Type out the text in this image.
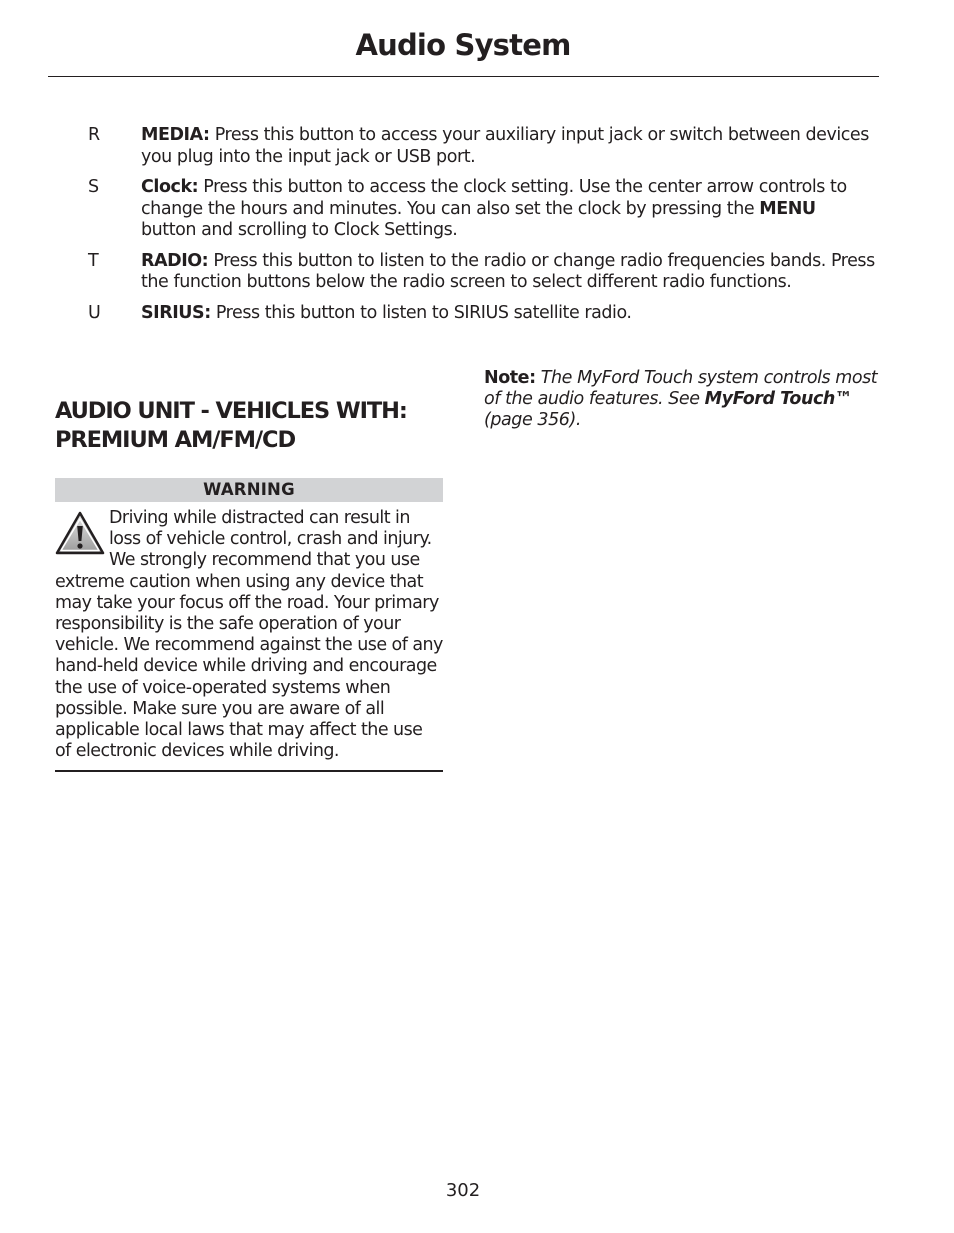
Audio System
R	MEDIA: Press this button to access your auxiliary input jack or switch between devices you plug into the input jack or USB port.
S	Clock: Press this button to access the clock setting. Use the center arrow controls to change the hours and minutes. You can also set the clock by pressing the MENU button and scrolling to Clock Settings.
T	RADIO: Press this button to listen to the radio or change radio frequencies bands. Press the function buttons below the radio screen to select different radio functions.
U	SIRIUS: Press this button to listen to SIRIUS satellite radio.
AUDIO UNIT - VEHICLES WITH:
PREMIUM AM/FM/CD
WARNING
Driving while distracted can result in loss of vehicle control, crash and injury. We strongly recommend that you use extreme caution when using any device that may take your focus off the road. Your primary responsibility is the safe operation of your vehicle. We recommend against the use of any hand-held device while driving and encourage the use of voice-operated systems when possible. Make sure you are aware of all applicable local laws that may affect the use of electronic devices while driving.
Note: The MyFord Touch system controls most of the audio features. See MyFord Touch™ (page 356).
302
